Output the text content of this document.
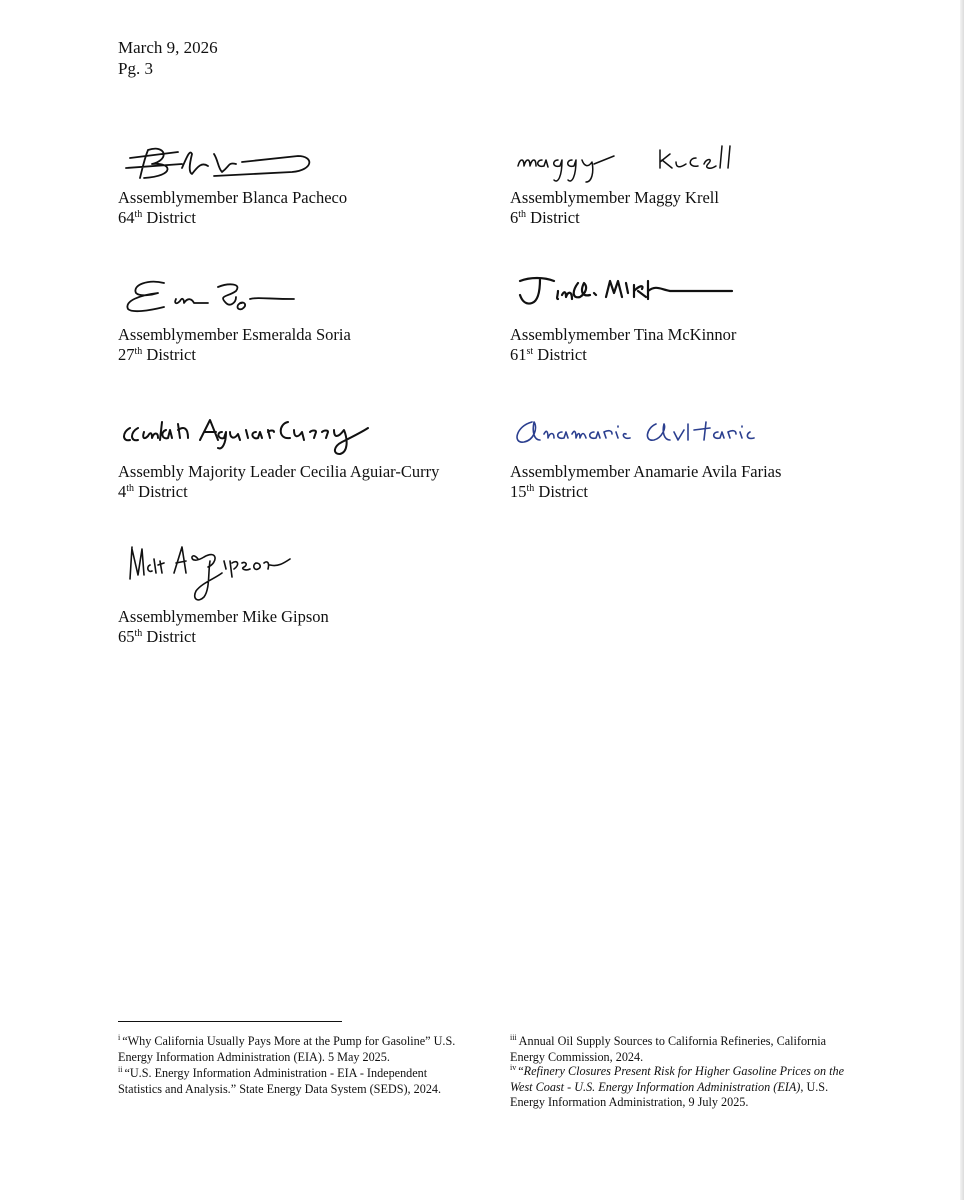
March 9, 2026
Pg. 3
Assemblymember Blanca Pacheco
64th District
Assemblymember Maggy Krell
6th District
Assemblymember Esmeralda Soria
27th District
Assemblymember Tina McKinnor
61st District
Assembly Majority Leader Cecilia Aguiar-Curry
4th District
Assemblymember Anamarie Avila Farias
15th District
Assemblymember Mike Gipson
65th District
$^i$ “Why California Usually Pays More at the Pump for Gasoline” U.S. Energy Information Administration (EIA). 5 May 2025.
$^{ii}$ “U.S. Energy Information Administration - EIA - Independent Statistics and Analysis.” State Energy Data System (SEDS), 2024.
$^{iii}$ Annual Oil Supply Sources to California Refineries, California Energy Commission, 2024.
$^{iv}$ “Refinery Closures Present Risk for Higher Gasoline Prices on the West Coast - U.S. Energy Information Administration (EIA), U.S. Energy Information Administration, 9 July 2025.
